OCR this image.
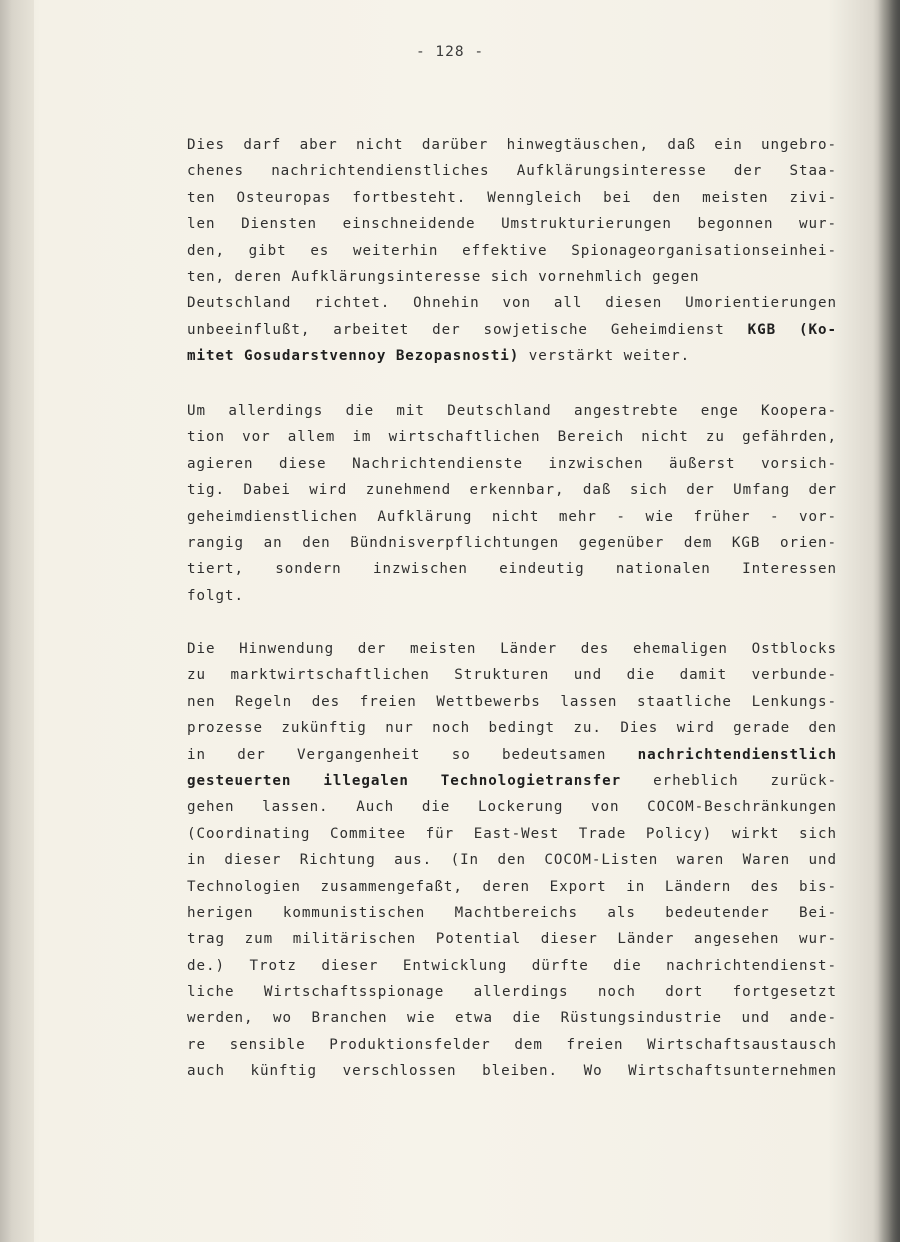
- 128 -
Dies darf aber nicht darüber hinwegtäuschen, daß ein ungebro-
chenes nachrichtendienstliches Aufklärungsinteresse der Staa-
ten Osteuropas fortbesteht. Wenngleich bei den meisten zivi-
len Diensten einschneidende Umstrukturierungen begonnen wur-
den, gibt es weiterhin effektive Spionageorganisationseinhei-
ten, deren Aufklärungsinteresse sich vornehmlich gegen
Deutschland richtet. Ohnehin von all diesen Umorientierungen
unbeeinflußt, arbeitet der sowjetische Geheimdienst KGB (Ko-
mitet Gosudarstvennoy Bezopasnosti) verstärkt weiter.
Um allerdings die mit Deutschland angestrebte enge Koopera-
tion vor allem im wirtschaftlichen Bereich nicht zu gefährden,
agieren diese Nachrichtendienste inzwischen äußerst vorsich-
tig. Dabei wird zunehmend erkennbar, daß sich der Umfang der
geheimdienstlichen Aufklärung nicht mehr - wie früher - vor-
rangig an den Bündnisverpflichtungen gegenüber dem KGB orien-
tiert, sondern inzwischen eindeutig nationalen Interessen
folgt.
Die Hinwendung der meisten Länder des ehemaligen Ostblocks
zu marktwirtschaftlichen Strukturen und die damit verbunde-
nen Regeln des freien Wettbewerbs lassen staatliche Lenkungs-
prozesse zukünftig nur noch bedingt zu. Dies wird gerade den
in der Vergangenheit so bedeutsamen nachrichtendienstlich
gesteuerten illegalen Technologietransfer erheblich zurück-
gehen lassen. Auch die Lockerung von COCOM-Beschränkungen
(Coordinating Commitee für East-West Trade Policy) wirkt sich
in dieser Richtung aus. (In den COCOM-Listen waren Waren und
Technologien zusammengefaßt, deren Export in Ländern des bis-
herigen kommunistischen Machtbereichs als bedeutender Bei-
trag zum militärischen Potential dieser Länder angesehen wur-
de.) Trotz dieser Entwicklung dürfte die nachrichtendienst-
liche Wirtschaftsspionage allerdings noch dort fortgesetzt
werden, wo Branchen wie etwa die Rüstungsindustrie und ande-
re sensible Produktionsfelder dem freien Wirtschaftsaustausch
auch künftig verschlossen bleiben. Wo Wirtschaftsunternehmen
